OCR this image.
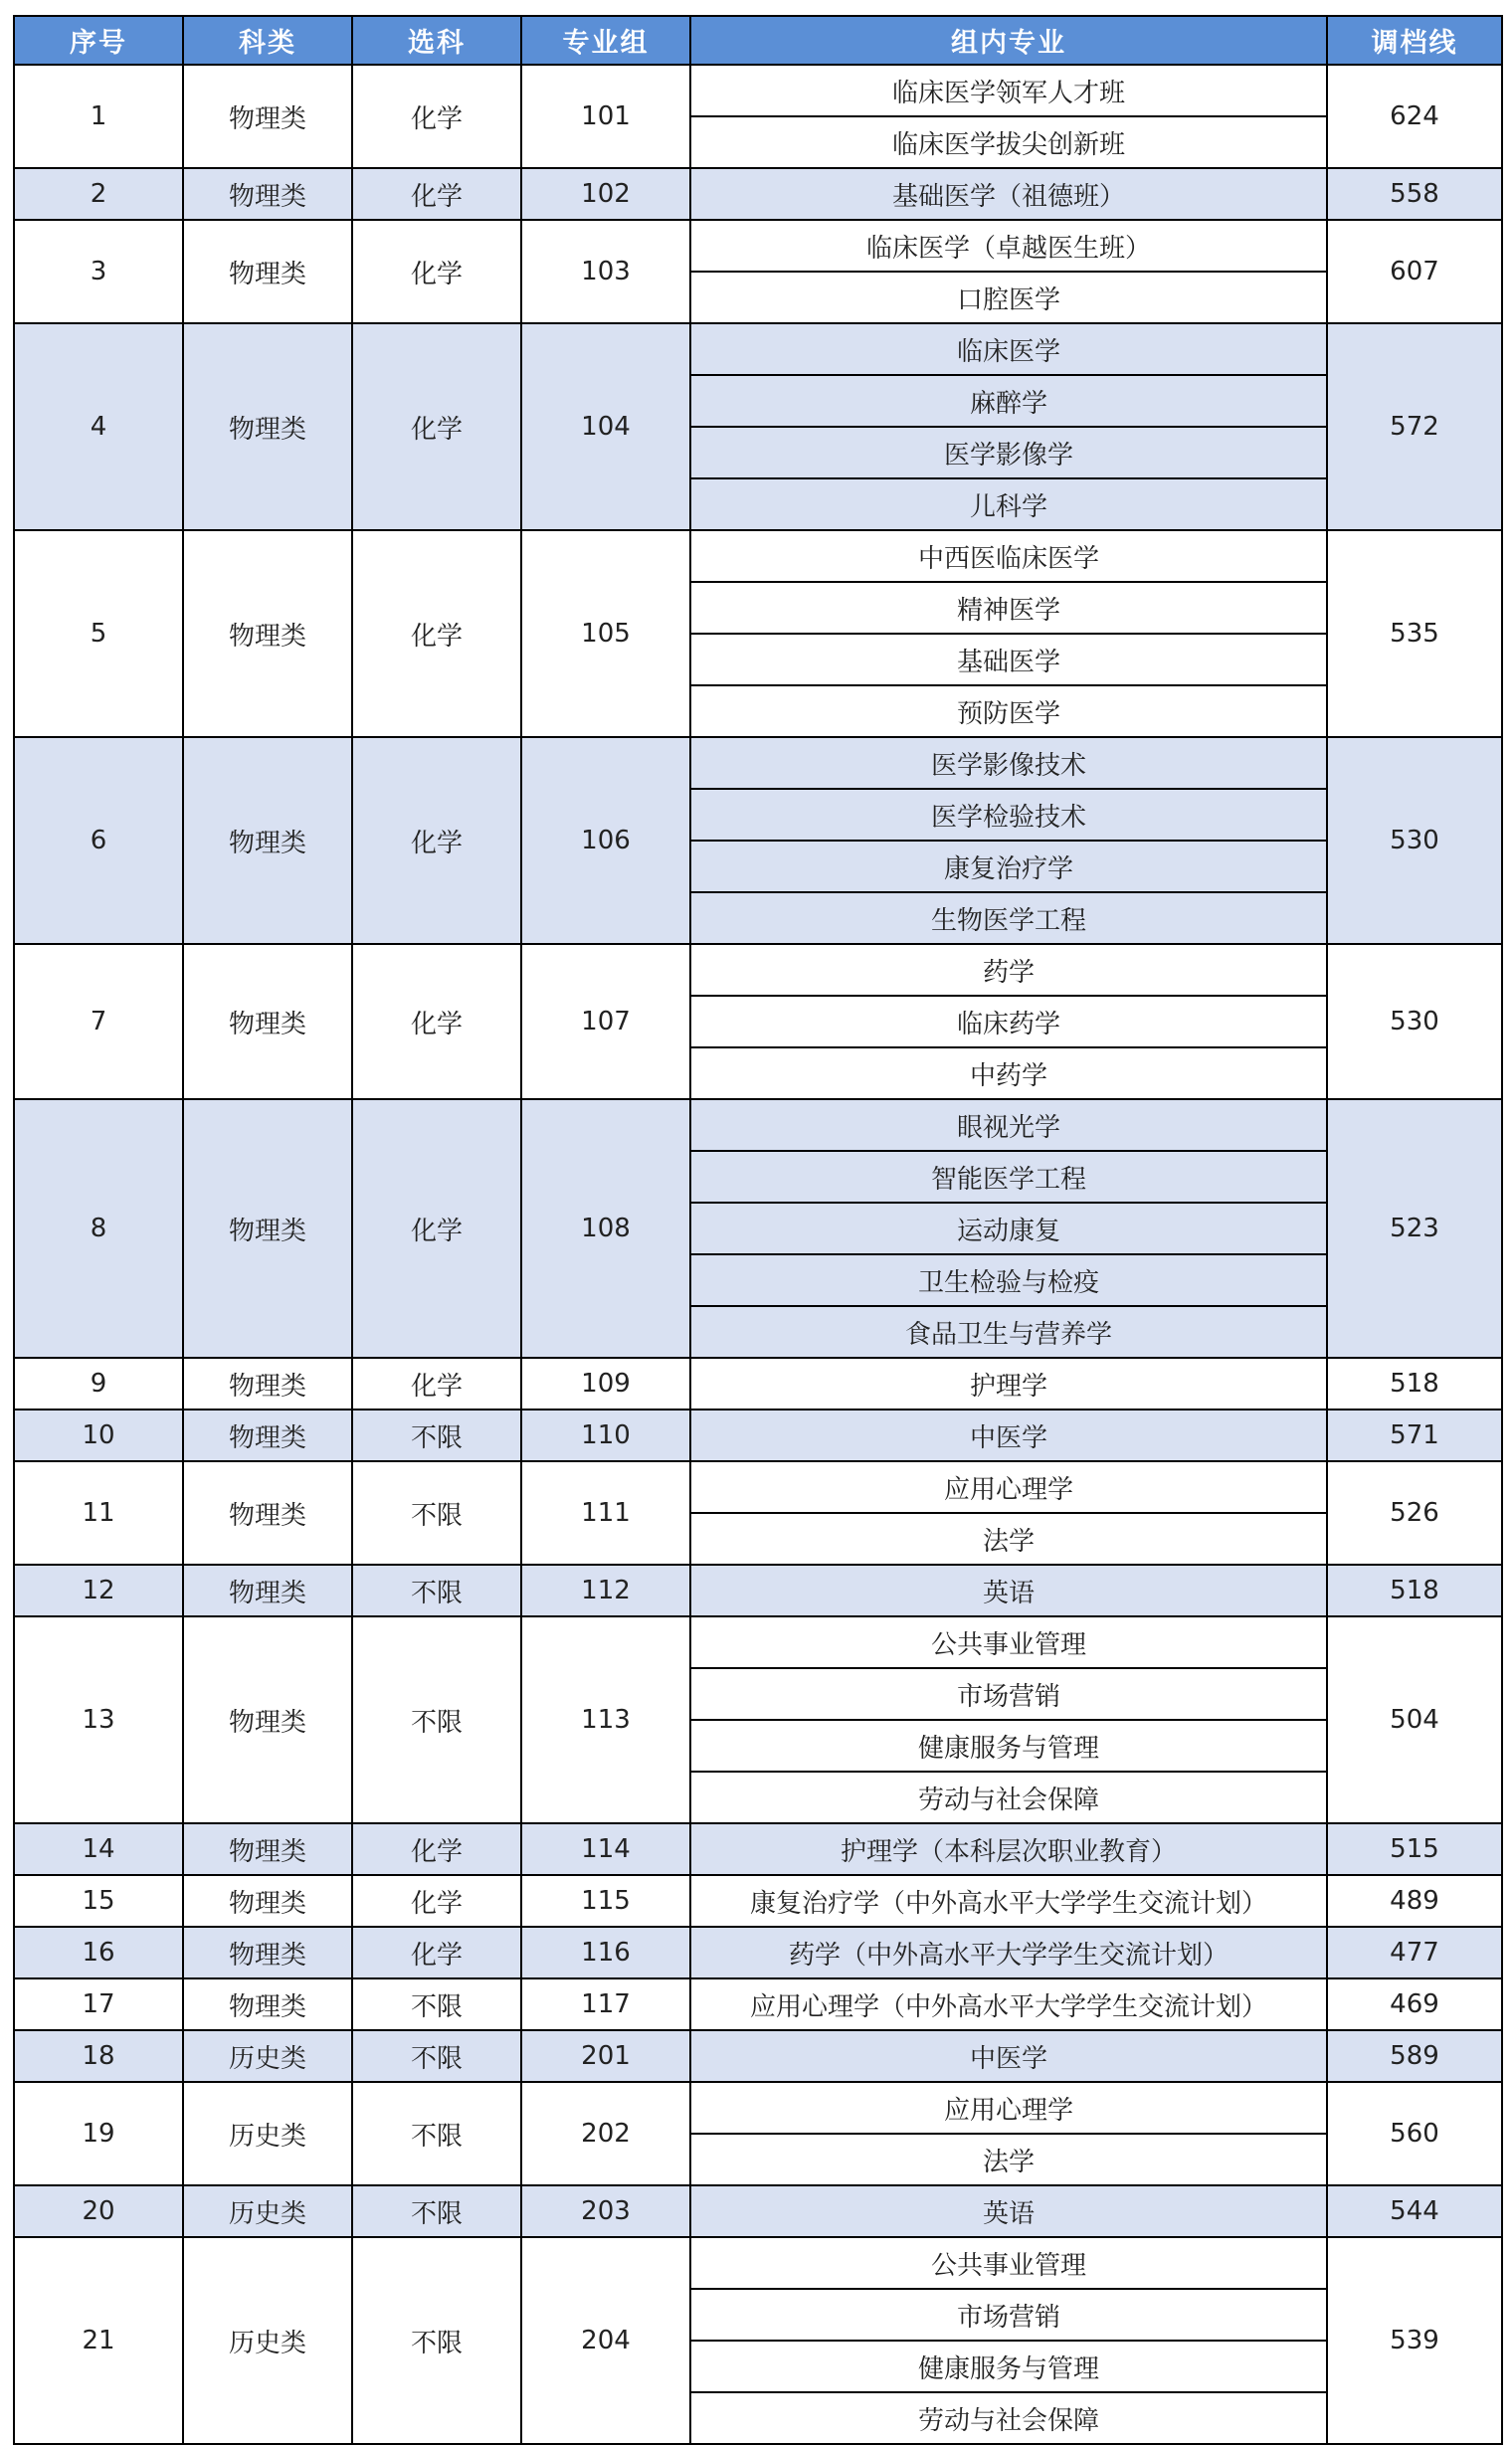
序号	科类	选科	专业组	组内专业	调档线
1	物理类	化学	101	临床医学领军人才班	624
				临床医学拔尖创新班	
2	物理类	化学	102	基础医学（祖德班）	558
3	物理类	化学	103	临床医学（卓越医生班）	607
				口腔医学	
4	物理类	化学	104	临床医学	572
				麻醉学	
				医学影像学	
				儿科学	
5	物理类	化学	105	中西医临床医学	535
				精神医学	
				基础医学	
				预防医学	
6	物理类	化学	106	医学影像技术	530
				医学检验技术	
				康复治疗学	
				生物医学工程	
7	物理类	化学	107	药学	530
				临床药学	
				中药学	
8	物理类	化学	108	眼视光学	523
				智能医学工程	
				运动康复	
				卫生检验与检疫	
				食品卫生与营养学	
9	物理类	化学	109	护理学	518
10	物理类	不限	110	中医学	571
11	物理类	不限	111	应用心理学	526
				法学	
12	物理类	不限	112	英语	518
13	物理类	不限	113	公共事业管理	504
				市场营销	
				健康服务与管理	
				劳动与社会保障	
14	物理类	化学	114	护理学（本科层次职业教育）	515
15	物理类	化学	115	康复治疗学（中外高水平大学学生交流计划）	489
16	物理类	化学	116	药学（中外高水平大学学生交流计划）	477
17	物理类	不限	117	应用心理学（中外高水平大学学生交流计划）	469
18	历史类	不限	201	中医学	589
19	历史类	不限	202	应用心理学	560
				法学	
20	历史类	不限	203	英语	544
21	历史类	不限	204	公共事业管理	539
				市场营销	
				健康服务与管理	
				劳动与社会保障	
